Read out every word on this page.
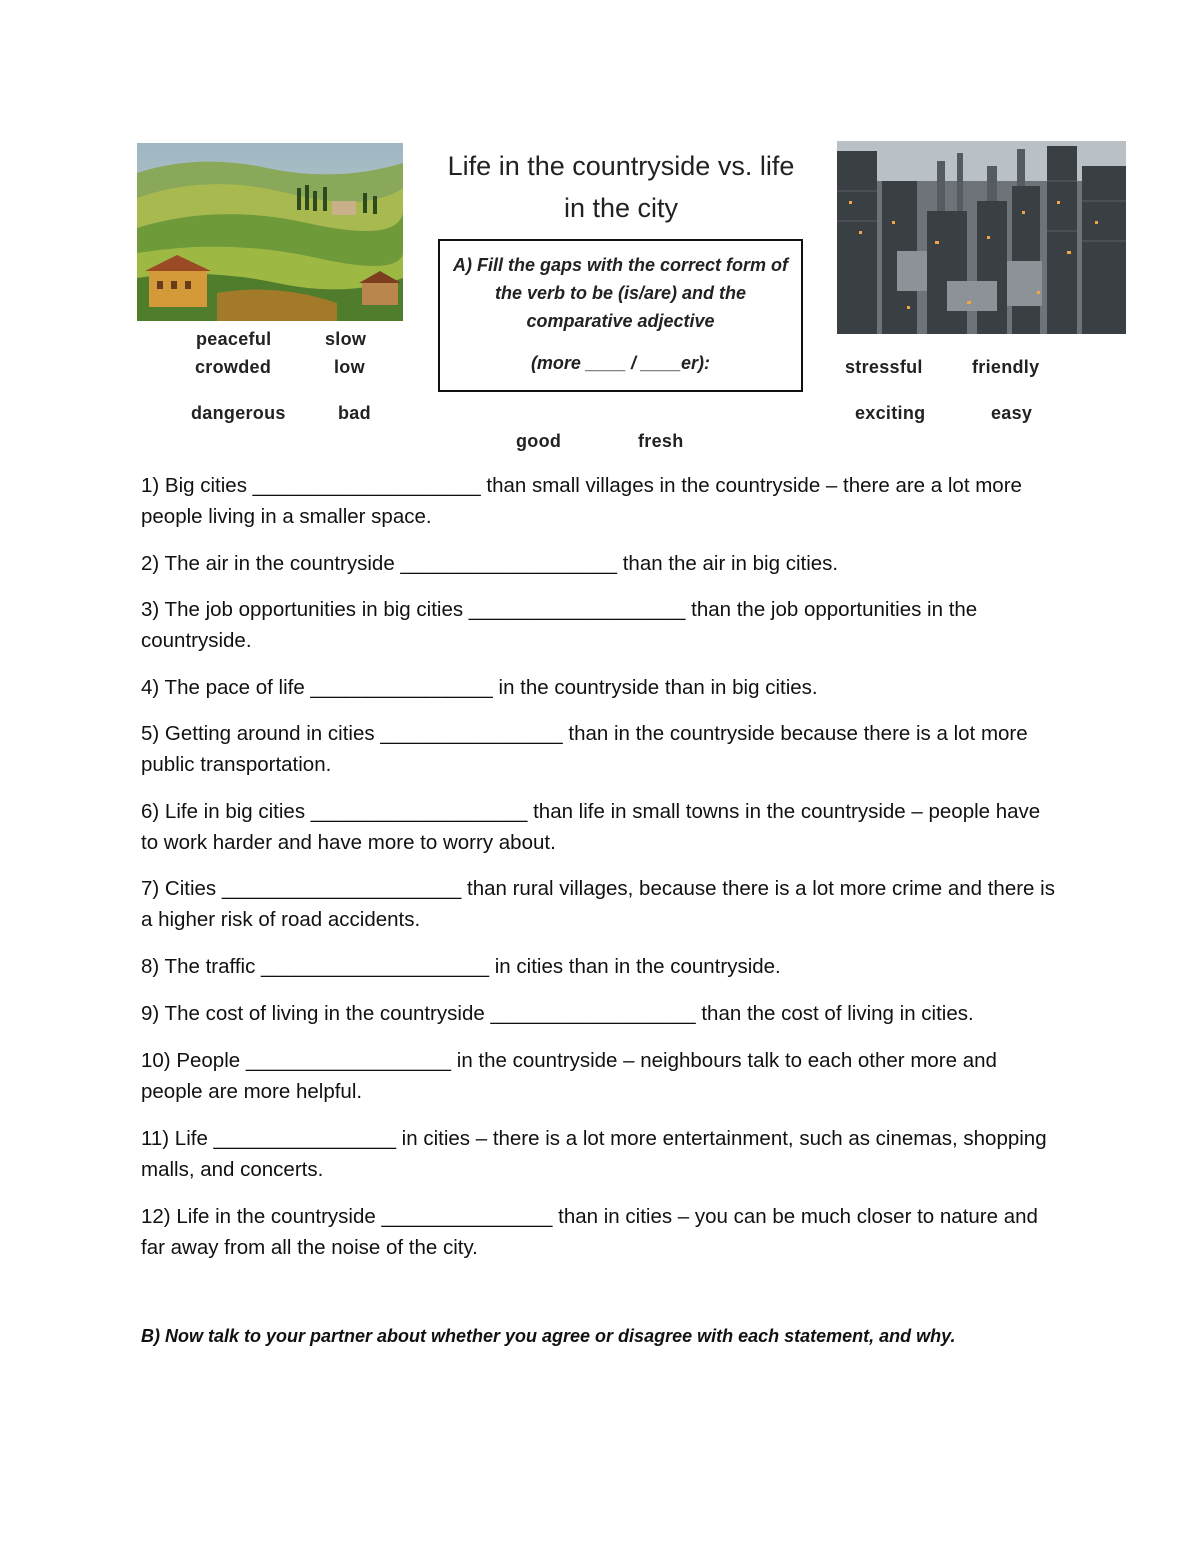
Life in the countryside vs. life
in the city
A) Fill the gaps with the correct form of the verb to be (is/are) and the comparative adjective
(more ____ / ____er):
peaceful	slow
crowded	low
dangerous	bad
good	fresh
stressful	friendly
exciting	easy
1) Big cities ____________________ than small villages in the countryside – there are a lot more people living in a smaller space.
2) The air in the countryside ___________________ than the air in big cities.
3) The job opportunities in big cities ___________________ than the job opportunities in the countryside.
4) The pace of life ________________ in the countryside than in big cities.
5) Getting around in cities ________________ than in the countryside because there is a lot more public transportation.
6) Life in big cities ___________________ than life in small towns in the countryside – people have to work harder and have more to worry about.
7) Cities _____________________ than rural villages, because there is a lot more crime and there is a higher risk of road accidents.
8) The traffic ____________________ in cities than in the countryside.
9) The cost of living in the countryside __________________ than the cost of living in cities.
10) People __________________ in the countryside – neighbours talk to each other more and people are more helpful.
11) Life ________________ in cities – there is a lot more entertainment, such as cinemas, shopping malls, and concerts.
12) Life in the countryside _______________ than in cities – you can be much closer to nature and far away from all the noise of the city.
B) Now talk to your partner about whether you agree or disagree with each statement, and why.
